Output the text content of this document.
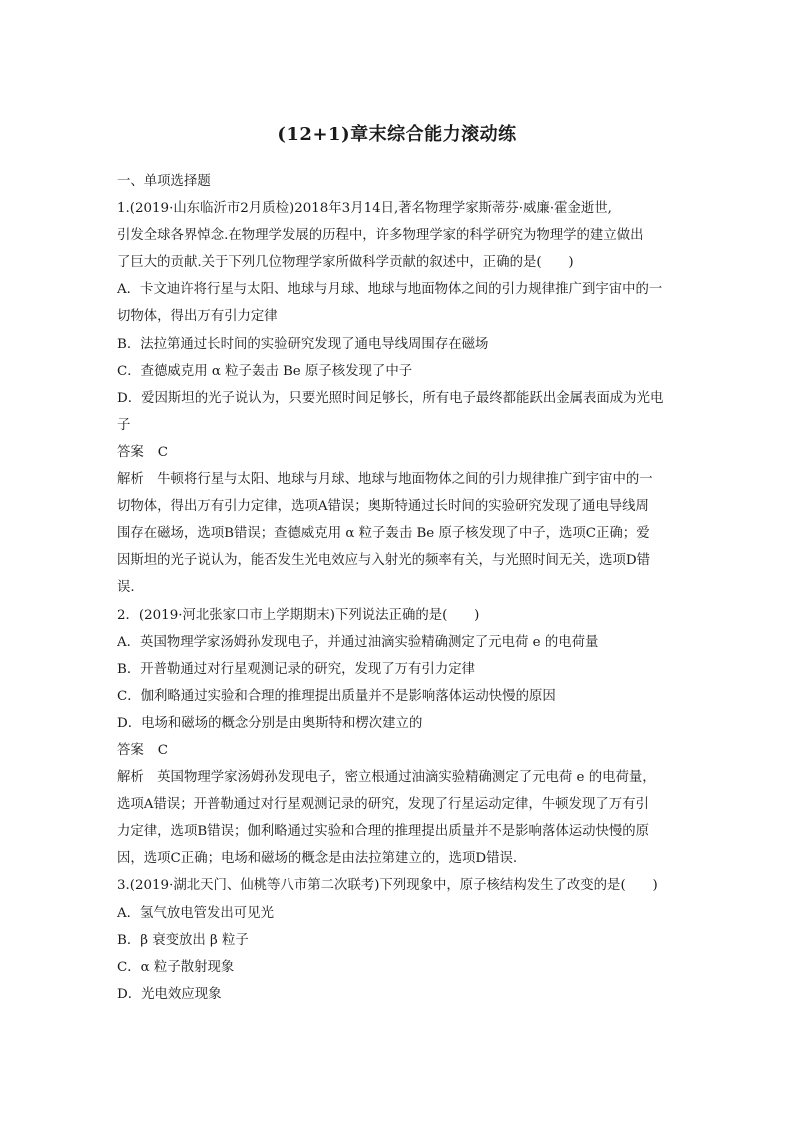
(12+1)章末综合能力滚动练
一、单项选择题
1.(2019·山东临沂市2月质检)2018年3月14日,著名物理学家斯蒂芬·威廉·霍金逝世,
引发全球各界悼念.在物理学发展的历程中，许多物理学家的科学研究为物理学的建立做出
了巨大的贡献.关于下列几位物理学家所做科学贡献的叙述中，正确的是(　　)
A．卡文迪许将行星与太阳、地球与月球、地球与地面物体之间的引力规律推广到宇宙中的一
切物体，得出万有引力定律
B．法拉第通过长时间的实验研究发现了通电导线周围存在磁场
C．查德威克用 α 粒子轰击 Be 原子核发现了中子
D．爱因斯坦的光子说认为，只要光照时间足够长，所有电子最终都能跃出金属表面成为光电
子
答案 C
解析　牛顿将行星与太阳、地球与月球、地球与地面物体之间的引力规律推广到宇宙中的一
切物体，得出万有引力定律，选项A错误；奥斯特通过长时间的实验研究发现了通电导线周
围存在磁场，选项B错误；查德威克用 α 粒子轰击 Be 原子核发现了中子，选项C正确；爱
因斯坦的光子说认为，能否发生光电效应与入射光的频率有关，与光照时间无关，选项D错
误.
2．(2019·河北张家口市上学期期末)下列说法正确的是(　　)
A．英国物理学家汤姆孙发现电子，并通过油滴实验精确测定了元电荷 e 的电荷量
B．开普勒通过对行星观测记录的研究，发现了万有引力定律
C．伽利略通过实验和合理的推理提出质量并不是影响落体运动快慢的原因
D．电场和磁场的概念分别是由奥斯特和楞次建立的
答案 C
解析　英国物理学家汤姆孙发现电子，密立根通过油滴实验精确测定了元电荷 e 的电荷量，
选项A错误；开普勒通过对行星观测记录的研究，发现了行星运动定律，牛顿发现了万有引
力定律，选项B错误；伽利略通过实验和合理的推理提出质量并不是影响落体运动快慢的原
因，选项C正确；电场和磁场的概念是由法拉第建立的，选项D错误.
3.(2019·湖北天门、仙桃等八市第二次联考)下列现象中，原子核结构发生了改变的是(　　)
A．氢气放电管发出可见光
B．β 衰变放出 β 粒子
C．α 粒子散射现象
D．光电效应现象
